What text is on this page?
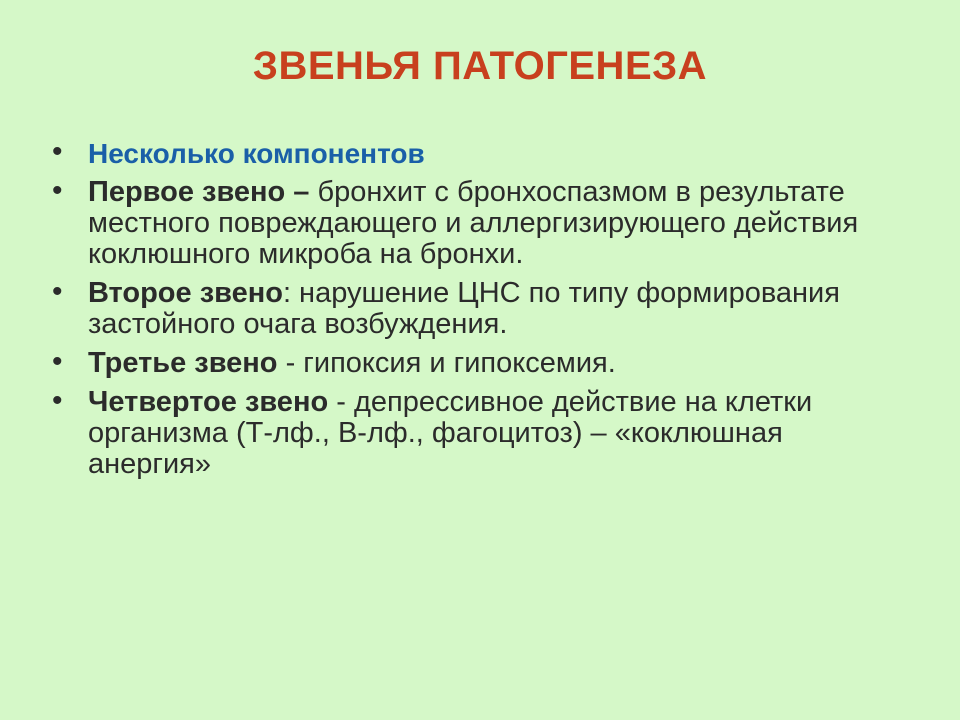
ЗВЕНЬЯ ПАТОГЕНЕЗА
• Несколько компонентов
• Первое звено – бронхит с бронхоспазмом в результате местного повреждающего и аллергизирующего действия коклюшного микроба на бронхи.
• Второе звено: нарушение ЦНС по типу формирования застойного очага возбуждения.
• Третье звено - гипоксия и гипоксемия.
• Четвертое звено - депрессивное действие на клетки организма (Т-лф., В-лф., фагоцитоз) – «коклюшная анергия»
